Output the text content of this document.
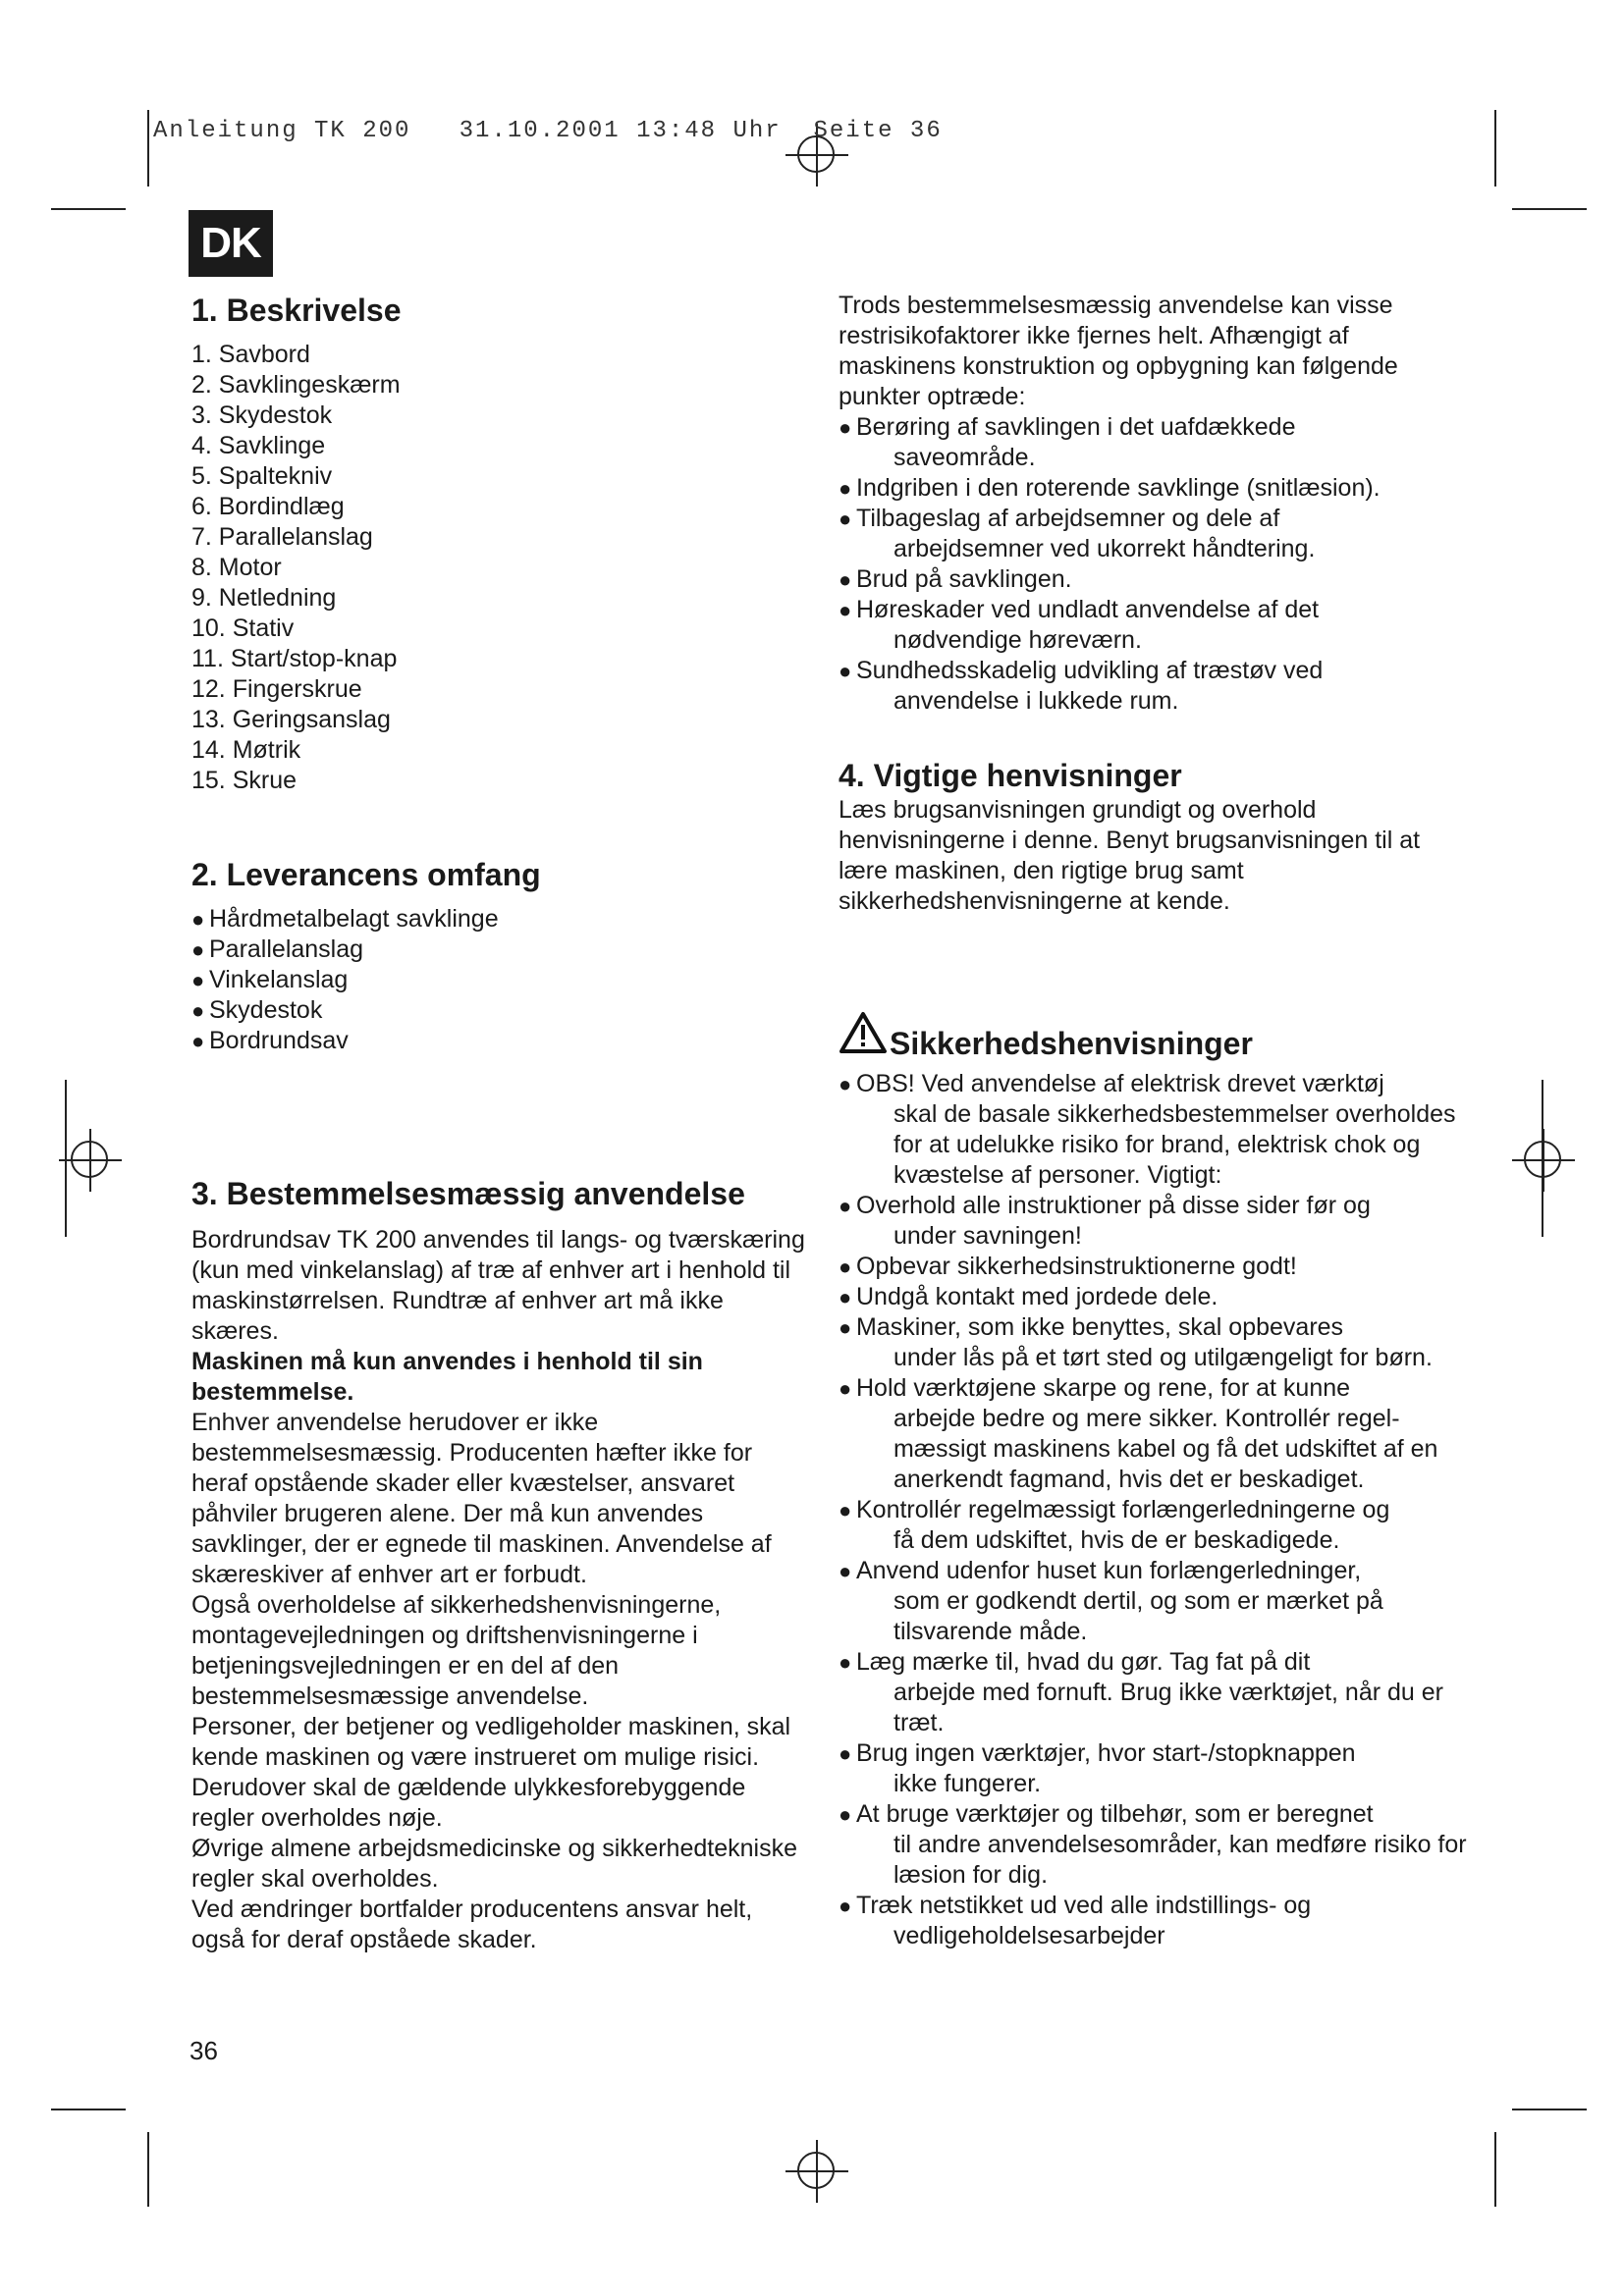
Anleitung TK 200   31.10.2001 13:48 Uhr  Seite 36
DK
1. Beskrivelse
1. Savbord
2. Savklingeskærm
3. Skydestok
4. Savklinge
5. Spaltekniv
6. Bordindlæg
7. Parallelanslag
8. Motor
9. Netledning
10. Stativ
11. Start/stop-knap
12. Fingerskrue
13. Geringsanslag
14. Møtrik
15. Skrue
2. Leverancens omfang
● Hårdmetalbelagt savklinge
● Parallelanslag
● Vinkelanslag
● Skydestok
● Bordrundsav
3. Bestemmelsesmæssig anvendelse

Bordrundsav TK 200 anvendes til langs- og tværskæring (kun med vinkelanslag) af træ af enhver art i henhold til maskinstørrelsen. Rundtræ af enhver art må ikke skæres.

Maskinen må kun anvendes i henhold til sin bestemmelse.

Enhver anvendelse herudover er ikke bestemmelsesmæssig. Producenten hæfter ikke for heraf opstående skader eller kvæstelser, ansvaret påhviler brugeren alene. Der må kun anvendes savklinger, der er egnede til maskinen. Anvendelse af skæreskiver af enhver art er forbudt.

Også overholdelse af sikkerhedshenvisningerne, montagevejledningen og driftshenvisningerne i betjeningsvejledningen er en del af den bestemmelsesmæssige anvendelse.

Personer, der betjener og vedligeholder maskinen, skal kende maskinen og være instrueret om mulige risici.

Derudover skal de gældende ulykkesforebyggende regler overholdes nøje.

Øvrige almene arbejdsmedicinske og sikkerhedtekniske regler skal overholdes.

Ved ændringer bortfalder producentens ansvar helt, også for deraf opståede skader.

Trods bestemmelsesmæssig anvendelse kan visse restrisikofaktorer ikke fjernes helt. Afhængigt af maskinens konstruktion og opbygning kan følgende punkter optræde:

● Berøring af savklingen i det uafdækkede
saveområde.
● Indgriben i den roterende savklinge (snitlæsion).
● Tilbageslag af arbejdsemner og dele af
arbejdsemner ved ukorrekt håndtering.
● Brud på savklingen.
● Høreskader ved undladt anvendelse af det
nødvendige høreværn.
● Sundhedsskadelig udvikling af træstøv ved
anvendelse i lukkede rum.
4. Vigtige henvisninger

Læs brugsanvisningen grundigt og overhold henvisningerne i denne. Benyt brugsanvisningen til at lære maskinen, den rigtige brug samt sikkerhedshenvisningerne at kende.

Sikkerhedshenvisninger
● OBS! Ved anvendelse af elektrisk drevet værktøj
skal de basale sikkerhedsbestemmelser overholdes for at udelukke risiko for brand, elektrisk chok og kvæstelse af personer. Vigtigt:
● Overhold alle instruktioner på disse sider før og
under savningen!
● Opbevar sikkerhedsinstruktionerne godt!
● Undgå kontakt med jordede dele.
● Maskiner, som ikke benyttes, skal opbevares
under lås på et tørt sted og utilgængeligt for børn.
● Hold værktøjene skarpe og rene, for at kunne
arbejde bedre og mere sikker. Kontrollér regel-mæssigt maskinens kabel og få det udskiftet af en anerkendt fagmand, hvis det er beskadiget.
● Kontrollér regelmæssigt forlængerledningerne og
få dem udskiftet, hvis de er beskadigede.
● Anvend udenfor huset kun forlængerledninger,
som er godkendt dertil, og som er mærket på tilsvarende måde.
● Læg mærke til, hvad du gør. Tag fat på dit
arbejde med fornuft. Brug ikke værktøjet, når du er træt.
● Brug ingen værktøjer, hvor start-/stopknappen
ikke fungerer.
● At bruge værktøjer og tilbehør, som er beregnet
til andre anvendelsesområder, kan medføre risiko for læsion for dig.
● Træk netstikket ud ved alle indstillings- og
vedligeholdelsesarbejder
36
